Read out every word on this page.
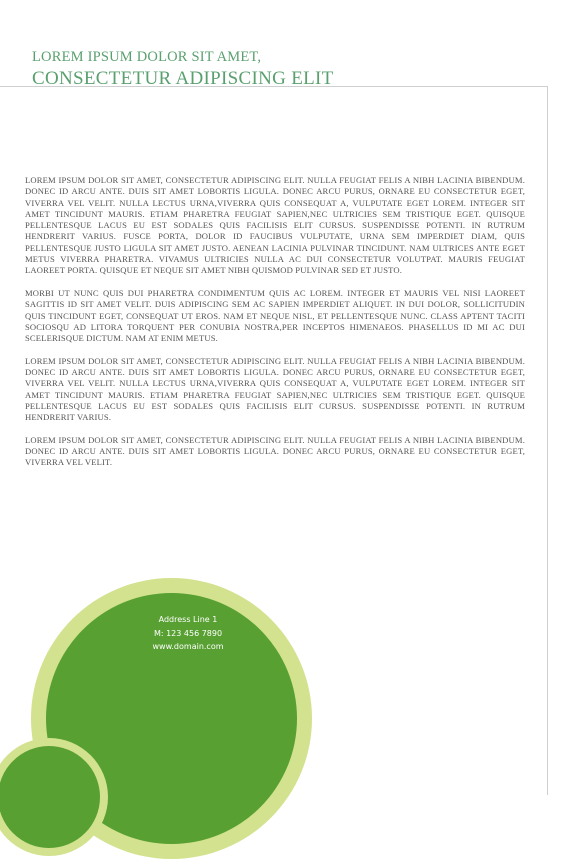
LOREM IPSUM DOLOR SIT AMET,
CONSECTETUR ADIPISCING ELIT

LOREM IPSUM DOLOR SIT AMET, CONSECTETUR ADIPISCING ELIT. NULLA FEUGIAT FELIS A NIBH LACINIA BIBENDUM. DONEC ID ARCU ANTE. DUIS SIT AMET LOBORTIS LIGULA. DONEC ARCU PURUS, ORNARE EU CONSECTETUR EGET, VIVERRA VEL VELIT. NULLA LECTUS URNA,VIVERRA QUIS CONSEQUAT A, VULPUTATE EGET LOREM. INTEGER SIT AMET TINCIDUNT MAURIS. ETIAM PHARETRA FEUGIAT SAPIEN,NEC ULTRICIES SEM TRISTIQUE EGET. QUISQUE PELLENTESQUE LACUS EU EST SODALES QUIS FACILISIS ELIT CURSUS. SUSPENDISSE POTENTI. IN RUTRUM HENDRERIT VARIUS. FUSCE PORTA, DOLOR ID FAUCIBUS VULPUTATE, URNA SEM IMPERDIET DIAM, QUIS PELLENTESQUE JUSTO LIGULA SIT AMET JUSTO. AENEAN LACINIA PULVINAR TINCIDUNT. NAM ULTRICES ANTE EGET METUS VIVERRA PHARETRA. VIVAMUS ULTRICIES NULLA AC DUI CONSECTETUR VOLUTPAT. MAURIS FEUGIAT LAOREET PORTA. QUISQUE ET NEQUE SIT AMET NIBH QUISMOD PULVINAR SED ET JUSTO.

MORBI UT NUNC QUIS DUI PHARETRA CONDIMENTUM QUIS AC LOREM. INTEGER ET MAURIS VEL NISI LAOREET SAGITTIS ID SIT AMET VELIT. DUIS ADIPISCING SEM AC SAPIEN IMPERDIET ALIQUET. IN DUI DOLOR, SOLLICITUDIN QUIS TINCIDUNT EGET, CONSEQUAT UT EROS. NAM ET NEQUE NISL, ET PELLENTESQUE NUNC. CLASS APTENT TACITI SOCIOSQU AD LITORA TORQUENT PER CONUBIA NOSTRA,PER INCEPTOS HIMENAEOS. PHASELLUS ID MI AC DUI SCELERISQUE DICTUM. NAM AT ENIM METUS.

LOREM IPSUM DOLOR SIT AMET, CONSECTETUR ADIPISCING ELIT. NULLA FEUGIAT FELIS A NIBH LACINIA BIBENDUM. DONEC ID ARCU ANTE. DUIS SIT AMET LOBORTIS LIGULA. DONEC ARCU PURUS, ORNARE EU CONSECTETUR EGET, VIVERRA VEL VELIT. NULLA LECTUS URNA,VIVERRA QUIS CONSEQUAT A, VULPUTATE EGET LOREM. INTEGER SIT AMET TINCIDUNT MAURIS. ETIAM PHARETRA FEUGIAT SAPIEN,NEC ULTRICIES SEM TRISTIQUE EGET. QUISQUE PELLENTESQUE LACUS EU EST SODALES QUIS FACILISIS ELIT CURSUS. SUSPENDISSE POTENTI. IN RUTRUM HENDRERIT VARIUS.

LOREM IPSUM DOLOR SIT AMET, CONSECTETUR ADIPISCING ELIT. NULLA FEUGIAT FELIS A NIBH LACINIA BIBENDUM. DONEC ID ARCU ANTE. DUIS SIT AMET LOBORTIS LIGULA. DONEC ARCU PURUS, ORNARE EU CONSECTETUR EGET, VIVERRA VEL VELIT.

Address Line 1
M: 123 456 7890
www.domain.com
